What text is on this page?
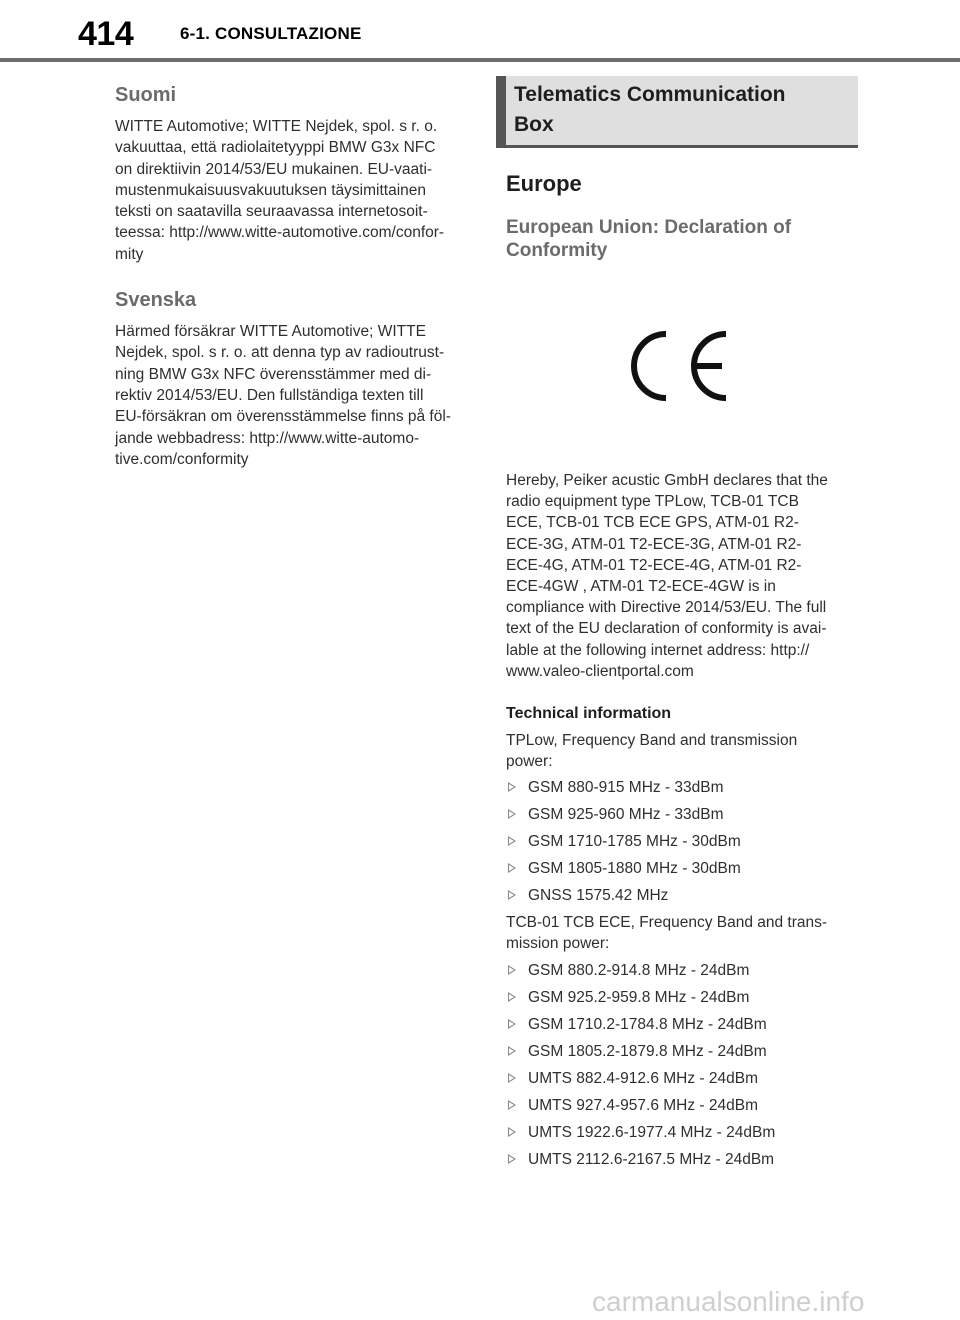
414	6-1. CONSULTAZIONE
Suomi
WITTE Automotive; WITTE Nejdek, spol. s r. o.
vakuuttaa, että radiolaitetyyppi BMW G3x NFC
on direktiivin 2014/53/EU mukainen. EU-vaati-
mustenmukaisuusvakuutuksen täysimittainen
teksti on saatavilla seuraavassa internetosoit-
teessa: http://www.witte-automotive.com/confor-
mity
Svenska
Härmed försäkrar WITTE Automotive; WITTE
Nejdek, spol. s r. o. att denna typ av radioutrust-
ning BMW G3x NFC överensstämmer med di-
rektiv 2014/53/EU. Den fullständiga texten till
EU-försäkran om överensstämmelse finns på föl-
jande webbadress: http://www.witte-automo-
tive.com/conformity
Telematics Communication
Box
Europe
European Union: Declaration of
Conformity
Hereby, Peiker acustic GmbH declares that the
radio equipment type TPLow, TCB-01 TCB
ECE, TCB-01 TCB ECE GPS, ATM-01 R2-
ECE-3G, ATM-01 T2-ECE-3G, ATM-01 R2-
ECE-4G, ATM-01 T2-ECE-4G, ATM-01 R2-
ECE-4GW , ATM-01 T2-ECE-4GW is in
compliance with Directive 2014/53/EU. The full
text of the EU declaration of conformity is avai-
lable at the following internet address: http://
www.valeo-clientportal.com
Technical information
TPLow, Frequency Band and transmission
power:
GSM 880-915 MHz - 33dBm
GSM 925-960 MHz - 33dBm
GSM 1710-1785 MHz - 30dBm
GSM 1805-1880 MHz - 30dBm
GNSS 1575.42 MHz
TCB-01 TCB ECE, Frequency Band and trans-
mission power:
GSM 880.2-914.8 MHz - 24dBm
GSM 925.2-959.8 MHz - 24dBm
GSM 1710.2-1784.8 MHz - 24dBm
GSM 1805.2-1879.8 MHz - 24dBm
UMTS 882.4-912.6 MHz - 24dBm
UMTS 927.4-957.6 MHz - 24dBm
UMTS 1922.6-1977.4 MHz - 24dBm
UMTS 2112.6-2167.5 MHz - 24dBm
carmanualsonline.info
